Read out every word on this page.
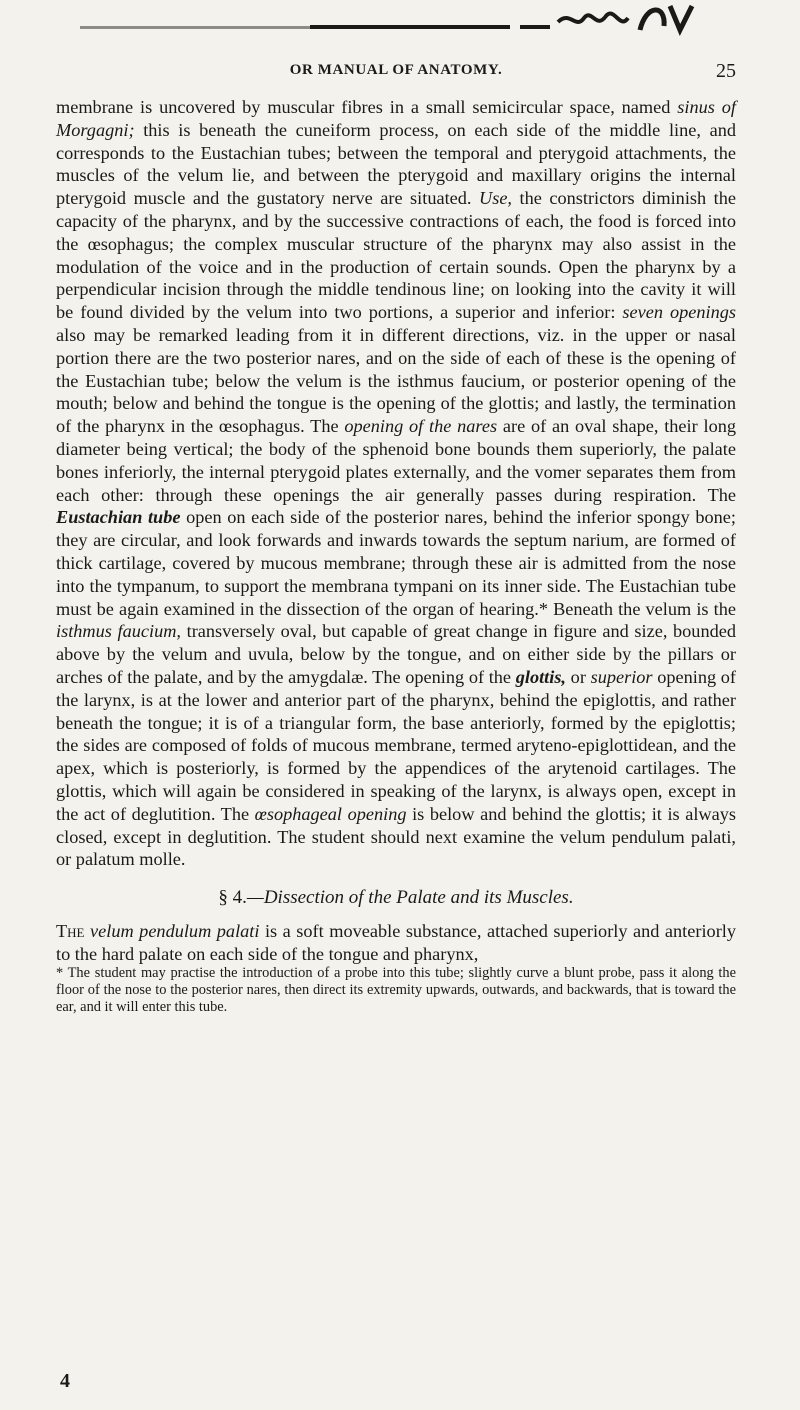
OR MANUAL OF ANATOMY.	25

membrane is uncovered by muscular fibres in a small semicircular space, named sinus of Morgagni; this is beneath the cuneiform process, on each side of the middle line, and corresponds to the Eustachian tubes; between the temporal and pterygoid attachments, the muscles of the velum lie, and between the pterygoid and maxillary origins the internal pterygoid muscle and the gustatory nerve are situated. Use, the constrictors diminish the capacity of the pharynx, and by the successive contractions of each, the food is forced into the œsophagus; the complex muscular structure of the pharynx may also assist in the modulation of the voice and in the production of certain sounds. Open the pharynx by a perpendicular incision through the middle tendinous line; on looking into the cavity it will be found divided by the velum into two portions, a superior and inferior: seven openings also may be remarked leading from it in different directions, viz. in the upper or nasal portion there are the two posterior nares, and on the side of each of these is the opening of the Eustachian tube; below the velum is the isthmus faucium, or posterior opening of the mouth; below and behind the tongue is the opening of the glottis; and lastly, the termination of the pharynx in the œsophagus. The opening of the nares are of an oval shape, their long diameter being vertical; the body of the sphenoid bone bounds them superiorly, the palate bones inferiorly, the internal pterygoid plates externally, and the vomer separates them from each other: through these openings the air generally passes during respiration. The Eustachian tube open on each side of the posterior nares, behind the inferior spongy bone; they are circular, and look forwards and inwards towards the septum narium, are formed of thick cartilage, covered by mucous membrane; through these air is admitted from the nose into the tympanum, to support the membrana tympani on its inner side. The Eustachian tube must be again examined in the dissection of the organ of hearing.* Beneath the velum is the isthmus faucium, transversely oval, but capable of great change in figure and size, bounded above by the velum and uvula, below by the tongue, and on either side by the pillars or arches of the palate, and by the amygdalæ. The opening of the glottis, or superior opening of the larynx, is at the lower and anterior part of the pharynx, behind the epiglottis, and rather beneath the tongue; it is of a triangular form, the base anteriorly, formed by the epiglottis; the sides are composed of folds of mucous membrane, termed aryteno-epiglottidean, and the apex, which is posteriorly, is formed by the appendices of the arytenoid cartilages. The glottis, which will again be considered in speaking of the larynx, is always open, except in the act of deglutition. The œsophageal opening is below and behind the glottis; it is always closed, except in deglutition. The student should next examine the velum pendulum palati, or palatum molle.

§ 4.—Dissection of the Palate and its Muscles.

The velum pendulum palati is a soft moveable substance, attached superiorly and anteriorly to the hard palate on each side of the tongue and pharynx,

* The student may practise the introduction of a probe into this tube; slightly curve a blunt probe, pass it along the floor of the nose to the posterior nares, then direct its extremity upwards, outwards, and backwards, that is toward the ear, and it will enter this tube.

4
